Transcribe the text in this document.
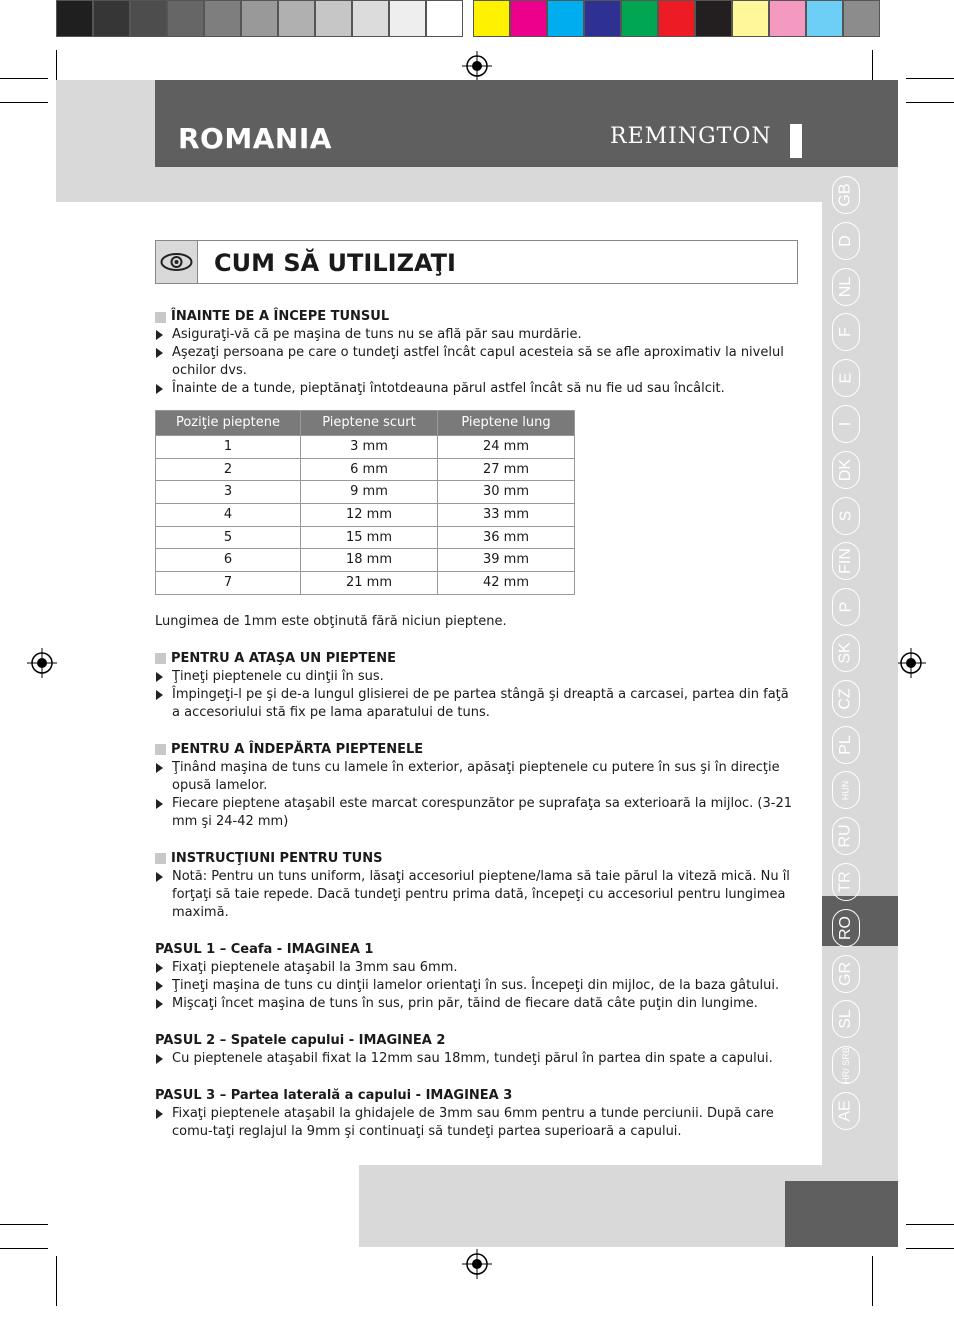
ROMANIA	REMINGTON
GB
D
NL
F
E
I
DK
S
FIN
P
SK
CZ
PL
HUN
RU
TR
RO
GR
SL
HR/ SRB
AE
CUM SĂ UTILIZAŢI

ÎNAINTE DE A ÎNCEPE TUNSUL

Asiguraţi-vă că pe maşina de tuns nu se află păr sau murdărie.

Aşezaţi persoana pe care o tundeţi astfel încât capul acesteia să se afle aproximativ la nivelul ochilor dvs.

Înainte de a tunde, pieptănaţi întotdeauna părul astfel încât să nu fie ud sau încâlcit.

Poziţie pieptene	Pieptene scurt	Pieptene lung
1	3 mm	24 mm
2	6 mm	27 mm
3	9 mm	30 mm
4	12 mm	33 mm
5	15 mm	36 mm
6	18 mm	39 mm
7	21 mm	42 mm

Lungimea de 1mm este obţinută fără niciun pieptene.

PENTRU A ATAŞA UN PIEPTENE

Ţineţi pieptenele cu dinţii în sus.

Împingeţi-l pe şi de-a lungul glisierei de pe partea stângă şi dreaptă a carcasei, partea din faţă a accesoriului stă fix pe lama aparatului de tuns.

PENTRU A ÎNDEPĂRTA PIEPTENELE

Ţinând maşina de tuns cu lamele în exterior, apăsaţi pieptenele cu putere în sus şi în direcţie opusă lamelor.

Fiecare pieptene ataşabil este marcat corespunzător pe suprafaţa sa exterioară la mijloc. (3-21 mm şi 24-42 mm)

INSTRUCŢIUNI PENTRU TUNS

Notă: Pentru un tuns uniform, lăsaţi accesoriul pieptene/lama să taie părul la viteză mică. Nu îl forţaţi să taie repede. Dacă tundeţi pentru prima dată, începeţi cu accesoriul pentru lungimea maximă.

PASUL 1 – Ceafa - IMAGINEA 1

Fixaţi pieptenele ataşabil la 3mm sau 6mm.

Ţineţi maşina de tuns cu dinţii lamelor orientaţi în sus. Începeţi din mijloc, de la baza gâtului.

Mişcaţi încet maşina de tuns în sus, prin păr, tăind de fiecare dată câte puţin din lungime.

PASUL 2 – Spatele capului - IMAGINEA 2

Cu pieptenele ataşabil fixat la 12mm sau 18mm, tundeţi părul în partea din spate a capului.

PASUL 3 – Partea laterală a capului - IMAGINEA 3

Fixaţi pieptenele ataşabil la ghidajele de 3mm sau 6mm pentru a tunde perciunii. După care comu-taţi reglajul la 9mm şi continuaţi să tundeţi partea superioară a capului.
